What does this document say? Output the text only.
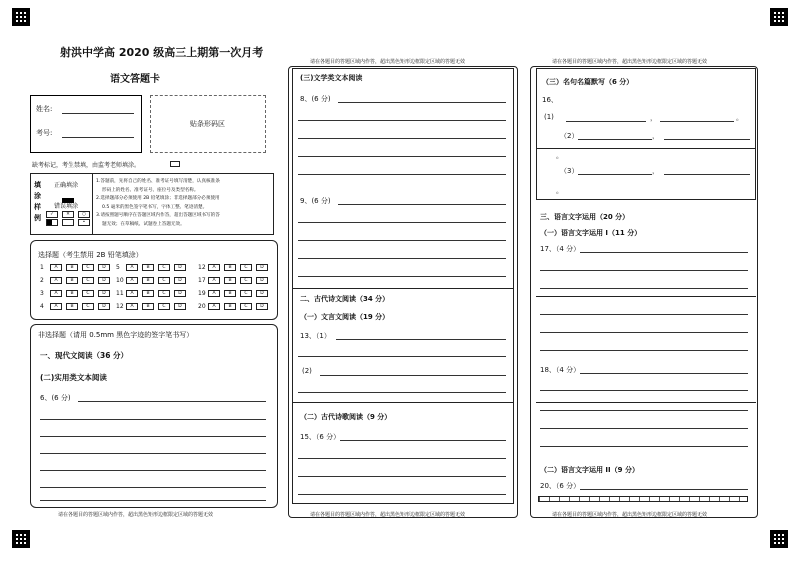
射洪中学高 2020 级高三上期第一次月考
语文答题卡
姓名:
考号:
贴条形码区
缺考标记，考生禁填，由监考老师填涂。
填
涂
样
例
正确填涂
错误填涂
✓	✕	○
•
1.答题前，先将自己的姓名、准考证号填写清楚，认真核准条
形码上的姓名、准考证号、座位号及类型名称。
2.选择题部分必须使用 2B 铅笔填涂；非选择题部分必须使用
0.5 毫米的黑色签字笔书写，字体工整、笔迹清楚。
3.请按照题号顺序在答题区域内作答，超出答题区域书写的答
题无效；在草稿纸、试题卷上答题无效。
选择题（考生禁用 2B 铅笔填涂）
1 A	B	C	D
2 A	B	C	D
3 A	B	C	D
4 A	B	C	D
5 A	B	C	D
10 A	B	C	D
11 A	B	C	D
12 A	B	C	D
12 A	B	C	D
17 A	B	C	D
19 A	B	C	D
20 A	B	C	D
非选择题（请用 0.5mm 黑色字迹的签字笔书写）
一、现代文阅读（36 分）
(二)实用类文本阅读
6、(6 分)
请在各题目的答题区域内作答，超出黑色矩形边框限定区域的答题无效
请在各题目的答题区域内作答，超出黑色矩形边框限定区域的答题无效
(三)文学类文本阅读
8、(6 分)
9、(6 分)
二、古代诗文阅读（34 分）
（一）文言文阅读（19 分）
13、（1）
(2)
（二）古代诗歌阅读（9 分）
15、（6 分）
请在各题目的答题区域内作答，超出黑色矩形边框限定区域的答题无效
请在各题目的答题区域内作答，超出黑色矩形边框限定区域的答题无效
（三）名句名篇默写（6 分）
16、
(1)	，	。
（2）	，
。
（3）	，
。
三、语言文字运用（20 分）
（一）语言文字运用 I（11 分）
17、（4 分）
18、（4 分）
（二）语言文字运用 II（9 分）
20、（6 分）
请在各题目的答题区域内作答，超出黑色矩形边框限定区域的答题无效
